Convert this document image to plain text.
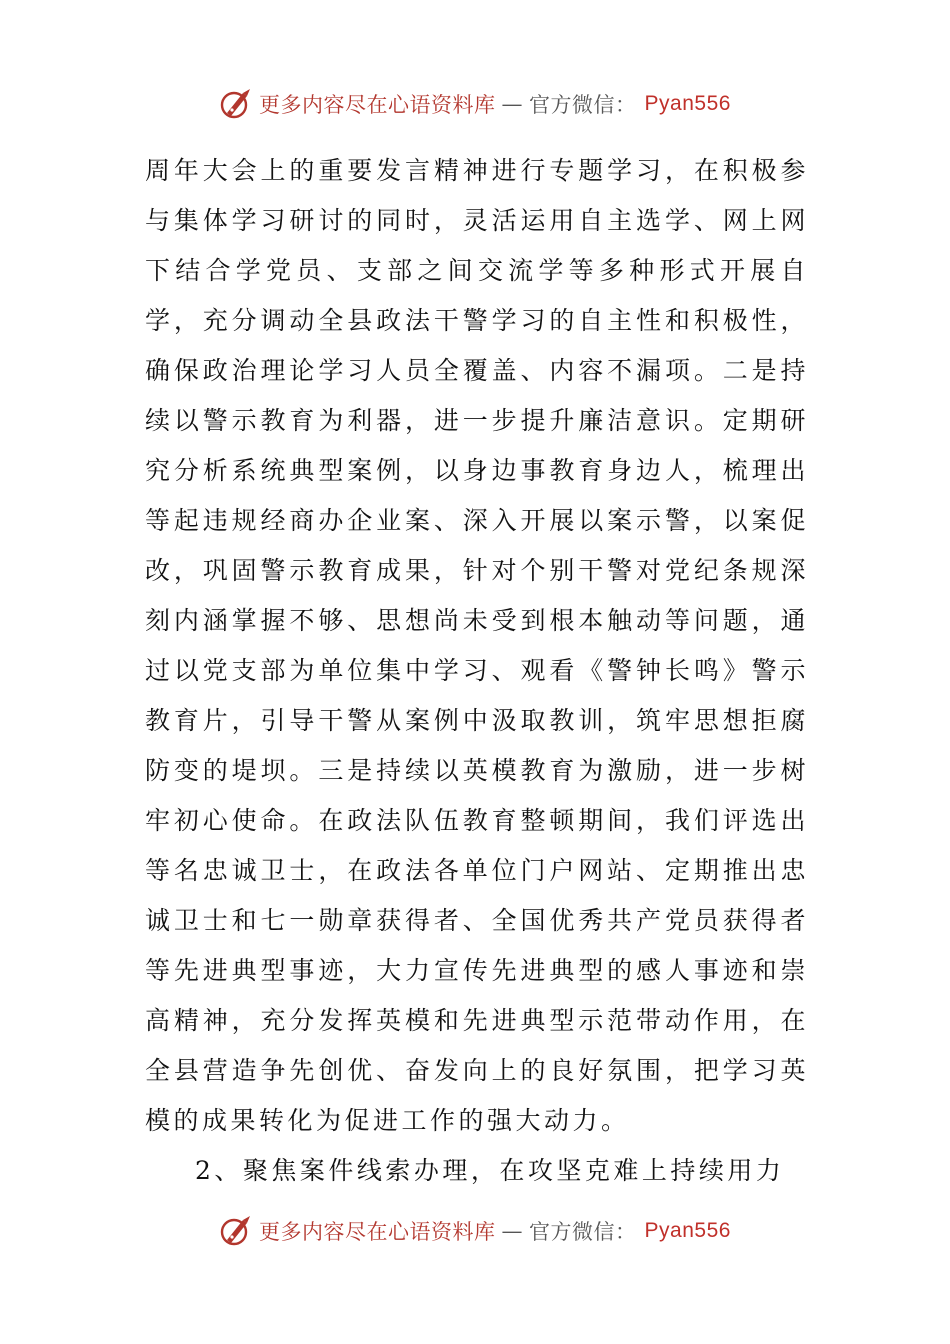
更多内容尽在心语资料库 — 官方微信： Pyan556

周年大会上的重要发言精神进行专题学习，在积极参与集体学习研讨的同时，灵活运用自主选学、网上网下结合学党员、支部之间交流学等多种形式开展自学，充分调动全县政法干警学习的自主性和积极性，确保政治理论学习人员全覆盖、内容不漏项。二是持续以警示教育为利器，进一步提升廉洁意识。定期研究分析系统典型案例，以身边事教育身边人，梳理出等起违规经商办企业案、深入开展以案示警，以案促改，巩固警示教育成果，针对个别干警对党纪条规深刻内涵掌握不够、思想尚未受到根本触动等问题，通过以党支部为单位集中学习、观看《警钟长鸣》警示教育片，引导干警从案例中汲取教训，筑牢思想拒腐防变的堤坝。三是持续以英模教育为激励，进一步树牢初心使命。在政法队伍教育整顿期间，我们评选出等名忠诚卫士，在政法各单位门户网站、定期推出忠诚卫士和七一勋章获得者、全国优秀共产党员获得者等先进典型事迹，大力宣传先进典型的感人事迹和崇高精神，充分发挥英模和先进典型示范带动作用，在全县营造争先创优、奋发向上的良好氛围，把学习英模的成果转化为促进工作的强大动力。

2、聚焦案件线索办理，在攻坚克难上持续用力

更多内容尽在心语资料库 — 官方微信： Pyan556
